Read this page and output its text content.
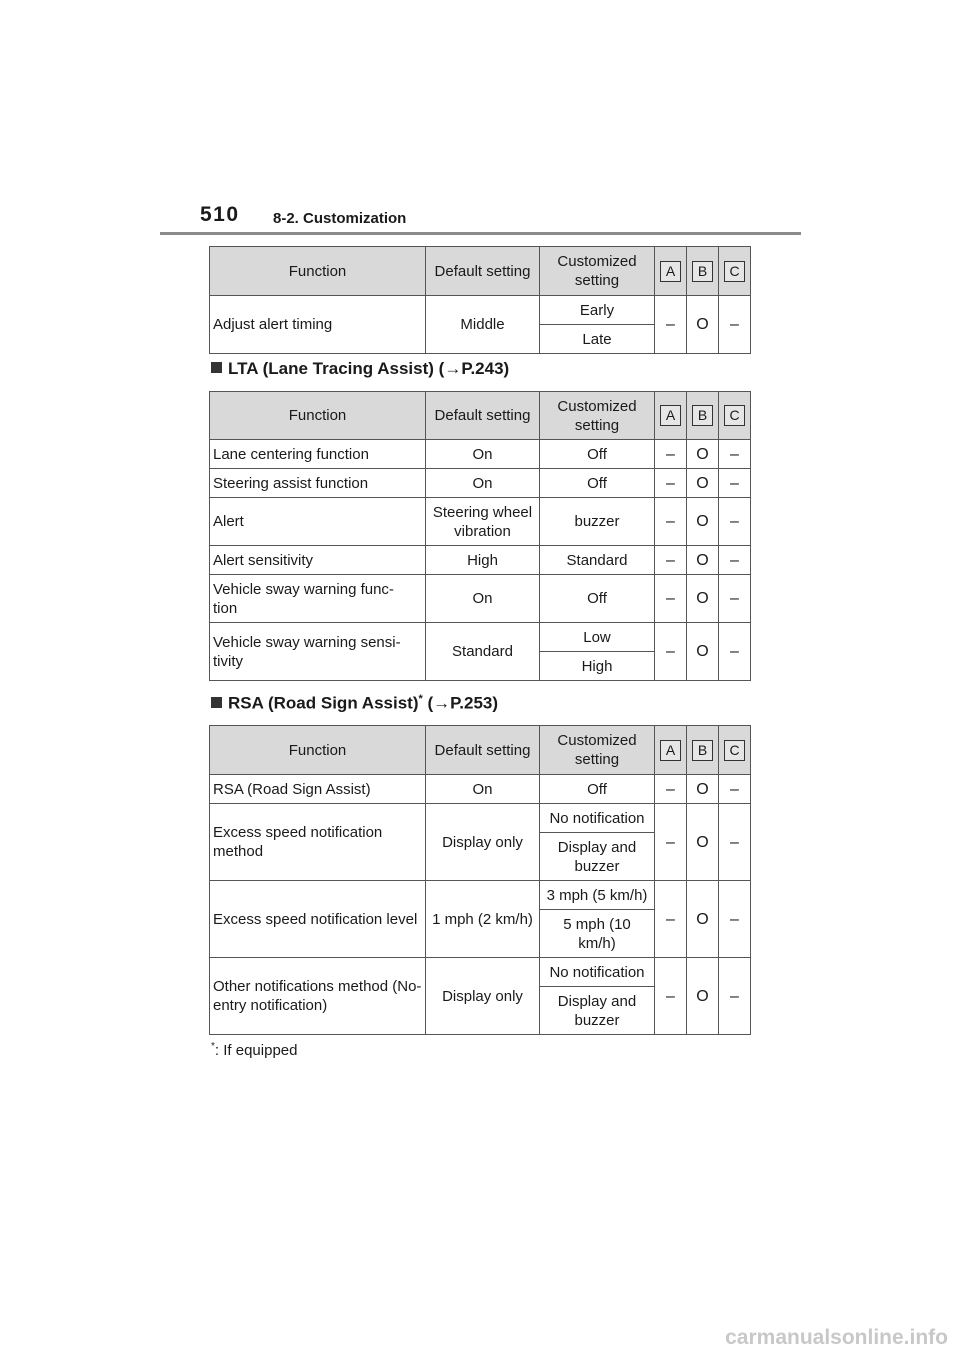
510 8-2. Customization
Function	Default setting	Customized setting	A	B	C
Adjust alert timing	Middle	Early	–	O	–
		Late			
LTA (Lane Tracing Assist) (→P.243)
Function	Default setting	Customized setting	A	B	C
Lane centering function	On	Off	–	O	–
Steering assist function	On	Off	–	O	–
Alert	Steering wheel vibration	buzzer	–	O	–
Alert sensitivity	High	Standard	–	O	–
Vehicle sway warning func- tion	On	Off	–	O	–
Vehicle sway warning sensi- tivity	Standard	Low	–	O	–
		High			
RSA (Road Sign Assist)* (→P.253)
Function	Default setting	Customized setting	A	B	C
RSA (Road Sign Assist)	On	Off	–	O	–
Excess speed notification method	Display only	No notification	–	O	–
		Display and buzzer			
Excess speed notification level	1 mph (2 km/h)	3 mph (5 km/h)	–	O	–
		5 mph (10 km/h)			
Other notifications method (No-entry notification)	Display only	No notification	–	O	–
		Display and buzzer			
*: If equipped
carmanualsonline.info
